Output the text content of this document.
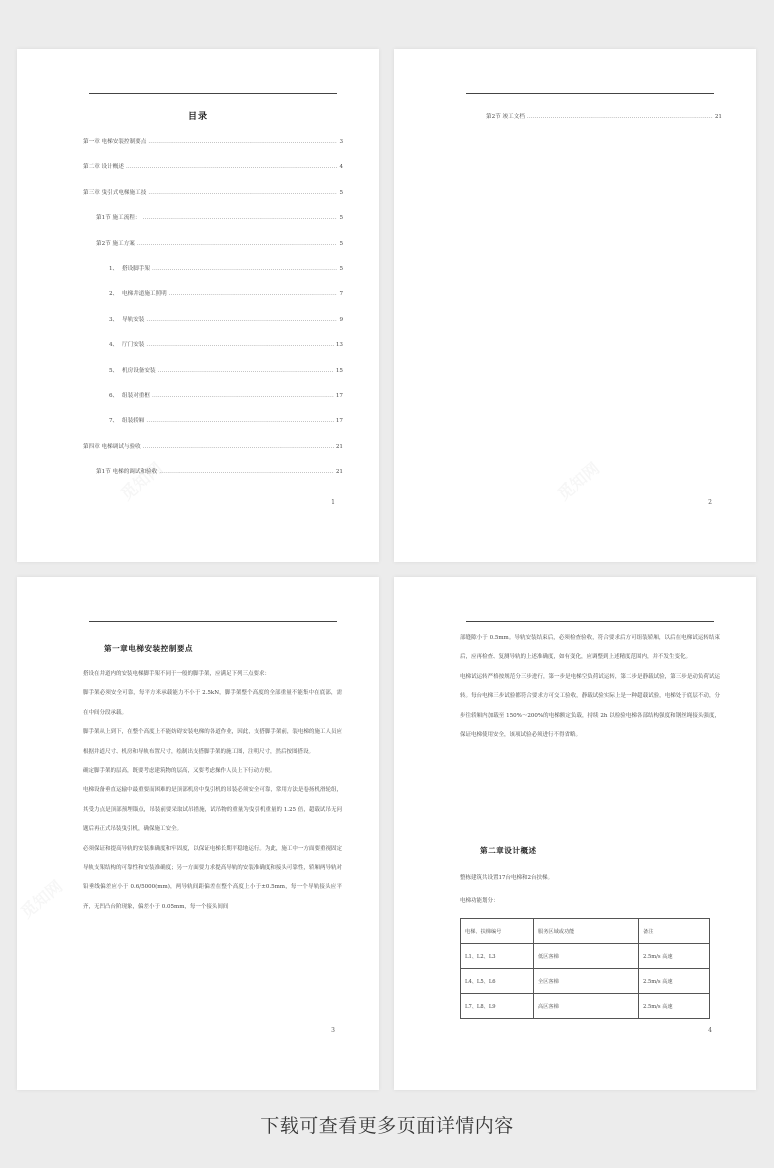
目录
第一章 电梯安装控制要点 .....	3
第二章 设计概述 .....	4
第三章 曳引式电梯施工技 .....	5
第1节 施工流程： .....	5
第2节 施工方案 .....	5
1、 搭设脚手架 .....	5
2、 电梯井道施工照明 .....	7
3、 导轨安装 .....	9
4、 厅门安装 .....	13
5、 机房设备安装 .....	15
6、 组装对重框 .....	17
7、 组装轿厢 .....	17
第四章 电梯调试与验收 .....	21
第1节 电梯的调试和验收 .....	21
1
第2节 竣工文档 .....	21
2
第一章电梯安装控制要点

搭设在井道内的安装电梯脚手架不同于一般的脚手架，应满足下列三点要求：

脚手架必须安全可靠，每平方米承载能力不小于 2.5kN，脚手架整个高度的全部重量不能集中在底部，需在中间分段承载。

脚手架从上到下，在整个高度上不能妨碍安装电梯的各道作业，因此，支搭脚手架前，装电梯的施工人员应根据井道尺寸、机房和导轨布置尺寸，绘制出支搭脚手架的施工图，注明尺寸，然后按图搭设。

确定脚手架的层高，既要考虑建筑物的层高，又要考虑操作人员上下行动方便。

电梯设备垂直运输中最重要而困难的是顶部机房中曳引机的吊装必须安全可靠，常用方法是卷扬机滑轮组，其受力点是顶部预埋锚点，吊装前要采取试吊措施，试吊物的重量为曳引机重量的 1.25 倍，超载试吊无问题后再正式吊装曳引机，确保施工安全。

必须保证和提高导轨的安装准确度和牢固度，以保证电梯长期平稳地运行。为此，施工中一方面要重视固定导轨支架结构的可靠性和安装准确度；另一方面要力求提高导轨的安装准确度和接头可靠性，轿厢两导轨对铅垂线偏差应小于 0.6/5000(mm)，两导轨间距偏差在整个高度上小于±0.5mm，每一个导轨接头应平齐，无凹凸台阶现象，偏差小于 0.05mm，每一个接头间间

3

部缝隙小于 0.5mm。导轨安装结束后，必须检查验收，符合要求后方可组装轿厢，以后在电梯试运转结束后，应再检查、复测导轨的上述准确度，如有变化，应调整到上述精度范围内，并不发生变化。

电梯试运转严格按规范分三步进行，第一步是电梯空负荷试运转，第二步是静载试验，第三步是动负荷试运转。每台电梯三步试验都符合要求方可交工验收，静载试验实际上是一种超载试验，电梯处于底层不动，分步往轿厢内加载至 150%～200%的电梯额定负载，持续 2h 以检验电梯各部结构强度和钢丝绳接头强度，保证电梯使用安全，该项试验必须进行不得省略。

第二章设计概述
整栋建筑共设置17台电梯和2台扶梯。
电梯功能划分：
电梯、扶梯编号	服务区域或功能	备注
L1、L2、L3	低区客梯	2.5m/s 高速
L4、L5、L6	全区客梯	2.5m/s 高速
L7、L8、L9	高区客梯	2.5m/s 高速
4
下载可查看更多页面详情内容
